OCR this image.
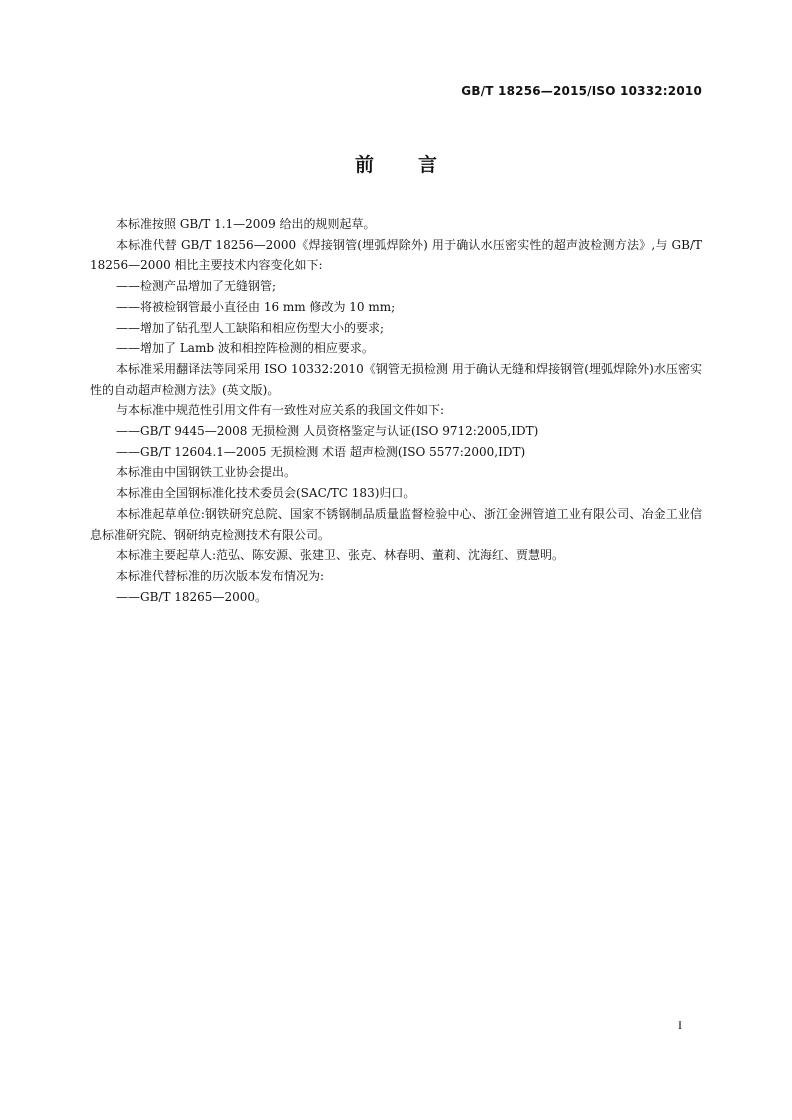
GB/T 18256—2015/ISO 10332:2010
前言

本标准按照 GB/T 1.1—2009 给出的规则起草。

本标准代替 GB/T 18256—2000《焊接钢管(埋弧焊除外) 用于确认水压密实性的超声波检测方法》,与 GB/T 18256—2000 相比主要技术内容变化如下:

——检测产品增加了无缝钢管;

——将被检钢管最小直径由 16 mm 修改为 10 mm;

——增加了钻孔型人工缺陷和相应伤型大小的要求;

——增加了 Lamb 波和相控阵检测的相应要求。

本标准采用翻译法等同采用 ISO 10332:2010《钢管无损检测 用于确认无缝和焊接钢管(埋弧焊除外)水压密实性的自动超声检测方法》(英文版)。

与本标准中规范性引用文件有一致性对应关系的我国文件如下:

——GB/T 9445—2008 无损检测 人员资格鉴定与认证(ISO 9712:2005,IDT)

——GB/T 12604.1—2005 无损检测 术语 超声检测(ISO 5577:2000,IDT)

本标准由中国钢铁工业协会提出。

本标准由全国钢标准化技术委员会(SAC/TC 183)归口。

本标准起草单位:钢铁研究总院、国家不锈钢制品质量监督检验中心、浙江金洲管道工业有限公司、冶金工业信息标准研究院、钢研纳克检测技术有限公司。

本标准主要起草人:范弘、陈安源、张建卫、张克、林春明、董莉、沈海红、贾慧明。

本标准代替标准的历次版本发布情况为:

——GB/T 18265—2000。

I
